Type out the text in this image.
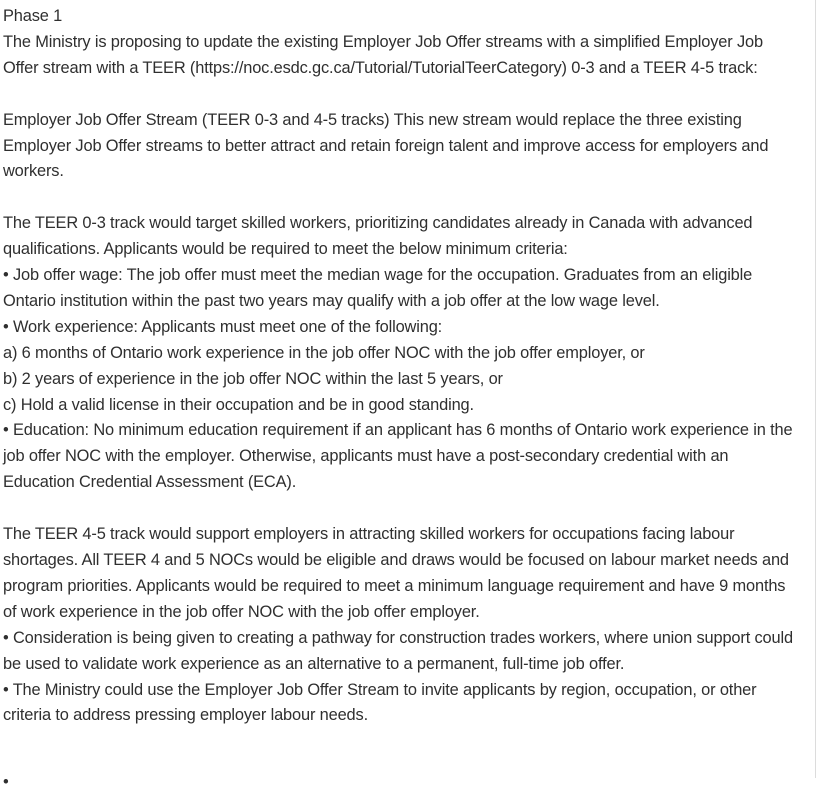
Phase 1

The Ministry is proposing to update the existing Employer Job Offer streams with a simplified Employer Job Offer stream with a TEER (https://noc.esdc.gc.ca/Tutorial/TutorialTeerCategory) 0-3 and a TEER 4-5 track:

Employer Job Offer Stream (TEER 0-3 and 4-5 tracks) This new stream would replace the three existing Employer Job Offer streams to better attract and retain foreign talent and improve access for employers and workers.

The TEER 0-3 track would target skilled workers, prioritizing candidates already in Canada with advanced qualifications. Applicants would be required to meet the below minimum criteria:

• Job offer wage: The job offer must meet the median wage for the occupation. Graduates from an eligible Ontario institution within the past two years may qualify with a job offer at the low wage level.

• Work experience: Applicants must meet one of the following:

a) 6 months of Ontario work experience in the job offer NOC with the job offer employer, or

b) 2 years of experience in the job offer NOC within the last 5 years, or

c) Hold a valid license in their occupation and be in good standing.

• Education: No minimum education requirement if an applicant has 6 months of Ontario work experience in the job offer NOC with the employer. Otherwise, applicants must have a post-secondary credential with an Education Credential Assessment (ECA).

The TEER 4-5 track would support employers in attracting skilled workers for occupations facing labour shortages. All TEER 4 and 5 NOCs would be eligible and draws would be focused on labour market needs and program priorities. Applicants would be required to meet a minimum language requirement and have 9 months of work experience in the job offer NOC with the job offer employer.

• Consideration is being given to creating a pathway for construction trades workers, where union support could be used to validate work experience as an alternative to a permanent, full-time job offer.

• The Ministry could use the Employer Job Offer Stream to invite applicants by region, occupation, or other criteria to address pressing employer labour needs.

•
